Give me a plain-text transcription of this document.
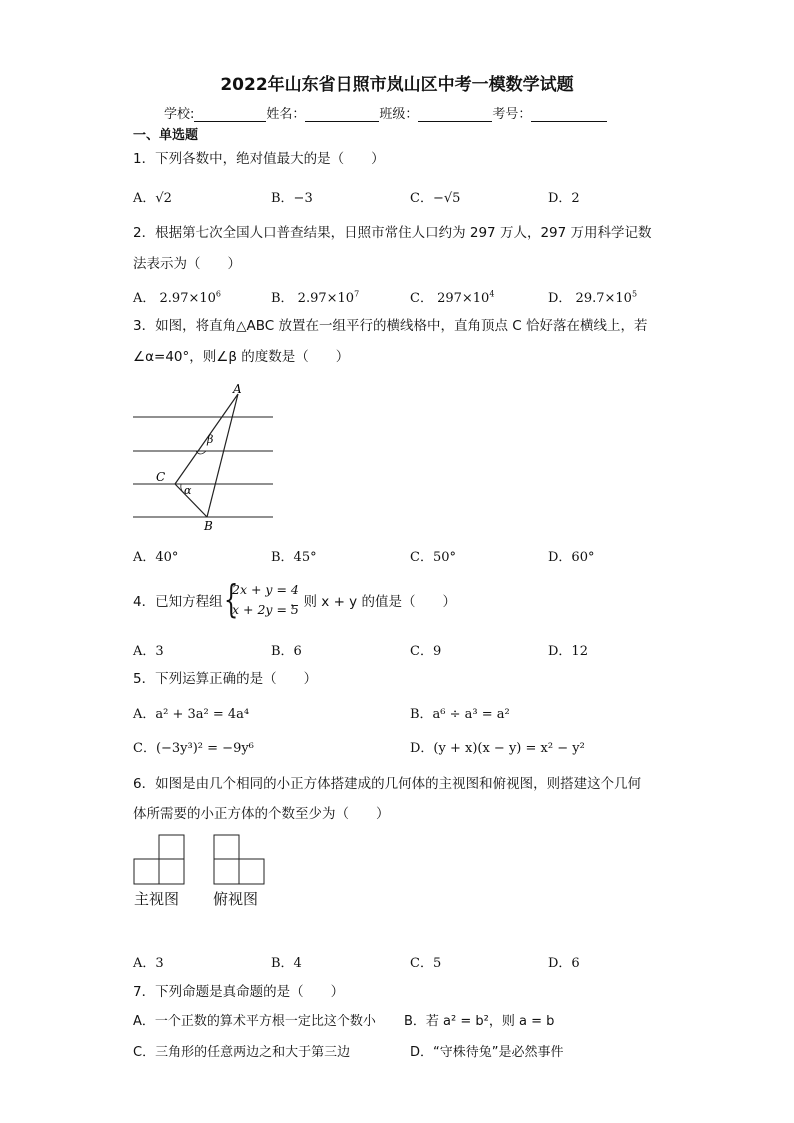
2022年山东省日照市岚山区中考一模数学试题
学校:	姓名：	班级：	考号：
一、单选题
1．下列各数中，绝对值最大的是（　　）
A．√2	B．−3	C．−√5	D．2
2．根据第七次全国人口普查结果，日照市常住人口约为 297 万人，297 万用科学记数
法表示为（　　）
A． $2.97\times 10^6$	B． $2.97\times 10^7$	C． $297\times 10^4$	D． $29.7\times 10^5$
3．如图，将直角△ABC 放置在一组平行的横线格中，直角顶点 C 恰好落在横线上，若
∠α=40°，则∠β 的度数是（　　）
A
B
C
β
α
A．40°	B．45°	C．50°	D．60°
4．已知方程组 {
2x + y = 4
x + 2y = 5
，则 x + y 的值是（　　）
A．3	B．6	C．9	D．12
5．下列运算正确的是（　　）
A．a² + 3a² = 4a⁴	B．a⁶ ÷ a³ = a²
C．(−3y³)² = −9y⁶	D．(y + x)(x − y) = x² − y²
6．如图是由几个相同的小正方体搭建成的几何体的主视图和俯视图，则搭建这个几何
体所需要的小正方体的个数至少为（　　）
主视图 俯视图
A．3	B．4	C．5	D．6
7．下列命题是真命题的是（　　）
A．一个正数的算术平方根一定比这个数小 B．若 a² = b²，则 a = b
C．三角形的任意两边之和大于第三边	D．“守株待兔”是必然事件
